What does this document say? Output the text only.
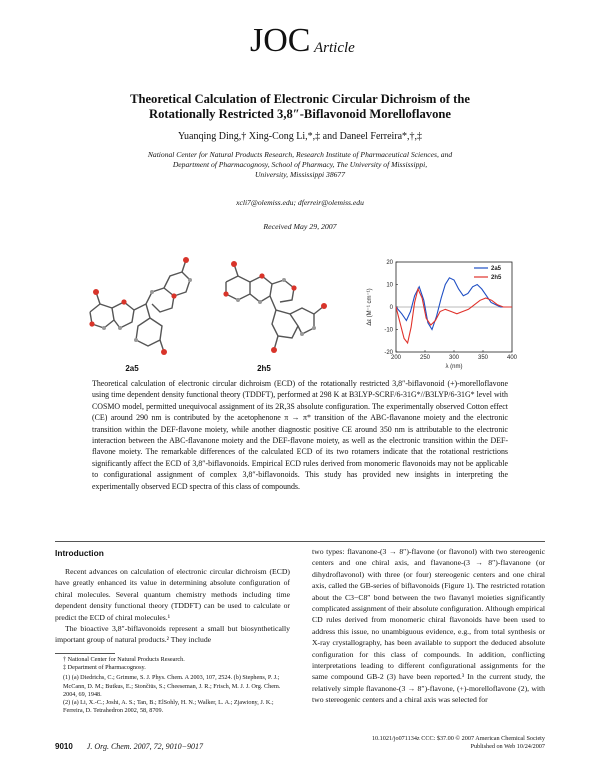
JOC Article
Theoretical Calculation of Electronic Circular Dichroism of the
Rotationally Restricted 3,8″-Biflavonoid Morelloflavone
Yuanqing Ding,† Xing-Cong Li,*,‡ and Daneel Ferreira*,†,‡
National Center for Natural Products Research, Research Institute of Pharmaceutical Sciences, and
Department of Pharmacognosy, School of Pharmacy, The University of Mississippi,
University, Mississippi 38677
xcli7@olemiss.edu; dferreir@olemiss.edu
Received May 29, 2007
2a5	2h5
200	250	300	350	400
20
10
0
-10
-20
2a5
2h5
λ (nm)
Δε (M⁻¹ cm⁻¹)
Theoretical calculation of electronic circular dichroism (ECD) of the rotationally restricted 3,8″-biflavonoid (+)-morelloflavone using time dependent density functional theory (TDDFT), performed at 298 K at B3LYP-SCRF/6-31G*//B3LYP/6-31G* level with COSMO model, permitted unequivocal assignment of its 2R,3S absolute configuration. The experimentally observed Cotton effect (CE) around 290 nm is contributed by the acetophenone π → π* transition of the ABC-flavanone moiety and the electronic transition within the DEF-flavone moiety, while another diagnostic positive CE around 350 nm is attributable to the electronic interaction between the ABC-flavanone moiety and the DEF-flavone moiety, as well as the electronic transition within the DEF-flavone moiety. The remarkable differences of the calculated ECD of its two rotamers indicate that the rotational restrictions significantly affect the ECD of 3,8″-biflavonoids. Empirical ECD rules derived from monomeric flavonoids may not be applicable to configurational assignment of complex 3,8″-biflavonoids. This study has provided new insights in interpreting the experimentally observed ECD spectra of this class of compounds.
Introduction
Recent advances on calculation of electronic circular dichroism (ECD) have greatly enhanced its value in determining absolute configuration of chiral molecules. Several quantum chemistry methods including time dependent density functional theory (TDDFT) can be used to calculate or predict the ECD of chiral molecules.¹
The bioactive 3,8″-biflavonoids represent a small but biosynthetically important group of natural products.² They include
† National Center for Natural Products Research.
‡ Department of Pharmacognosy.
(1) (a) Diedrichs, C.; Grimme, S. J. Phys. Chem. A 2003, 107, 2524. (b) Stephens, P. J.; McCann, D. M.; Butkus, E.; Stončiūs, S.; Cheeseman, J. R.; Frisch, M. J. J. Org. Chem. 2004, 69, 1948.
(2) (a) Li, X.-C.; Joshi, A. S.; Tan, B.; ElSohly, H. N.; Walker, L. A.; Zjawiony, J. K.; Ferreira, D. Tetrahedron 2002, 58, 8709.
two types: flavanone-(3 → 8″)-flavone (or flavonol) with two stereogenic centers and one chiral axis, and flavanone-(3 → 8″)-flavanone (or dihydroflavonol) with three (or four) stereogenic centers and one chiral axis, called the GB-series of biflavonoids (Figure 1). The restricted rotation about the C3−C8″ bond between the two flavanyl moieties significantly complicated assignment of their absolute configuration. Although empirical CD rules derived from monomeric chiral flavonoids have been used to address this issue, no unambiguous evidence, e.g., from total synthesis or X-ray crystallography, has been available to support the deduced absolute configuration for this class of compounds. In addition, conflicting interpretations leading to different configurational assignments for the same compound GB-2 (3) have been reported.³ In the current study, the relatively simple flavanone-(3 → 8″)-flavone, (+)-morelloflavone (2), with two stereogenic centers and a chiral axis was selected for
9010 J. Org. Chem. 2007, 72, 9010−9017
10.1021/jo071134z CCC: $37.00 © 2007 American Chemical Society
Published on Web 10/24/2007
